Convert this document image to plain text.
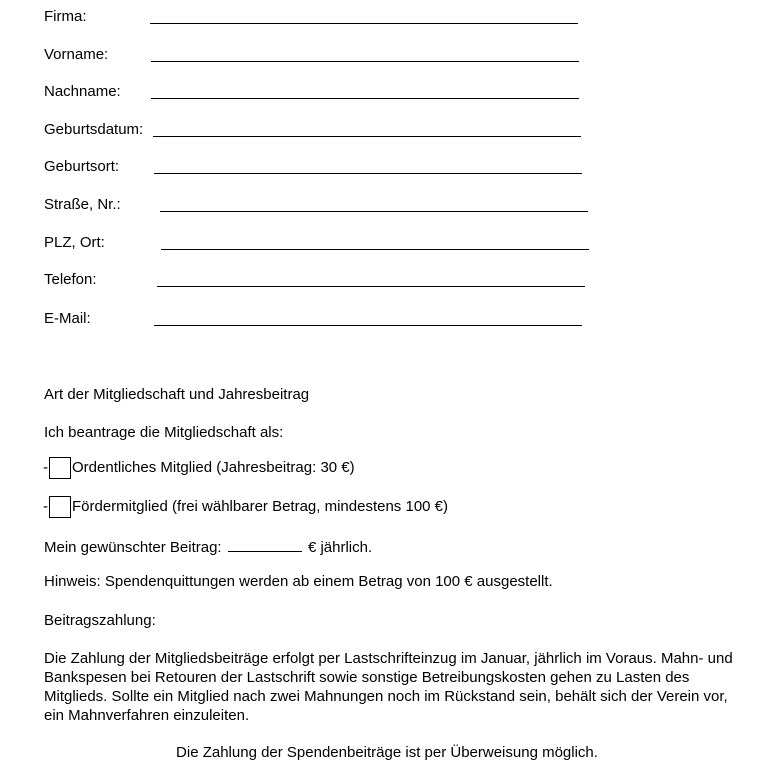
Firma:
Vorname:
Nachname:
Geburtsdatum:
Geburtsort:
Straße, Nr.:
PLZ, Ort:
Telefon:
E-Mail:
Art der Mitgliedschaft und Jahresbeitrag
Ich beantrage die Mitgliedschaft als:
- Ordentliches Mitglied (Jahresbeitrag: 30 €)
- Fördermitglied (frei wählbarer Betrag, mindestens 100 €)
Mein gewünschter Beitrag:	€ jährlich.
Hinweis: Spendenquittungen werden ab einem Betrag von 100 € ausgestellt.
Beitragszahlung:
Die Zahlung der Mitgliedsbeiträge erfolgt per Lastschrifteinzug im Januar, jährlich im Voraus. Mahn- und Bankspesen bei Retouren der Lastschrift sowie sonstige Betreibungskosten gehen zu Lasten des Mitglieds. Sollte ein Mitglied nach zwei Mahnungen noch im Rückstand sein, behält sich der Verein vor, ein Mahnverfahren einzuleiten.
Die Zahlung der Spendenbeiträge ist per Überweisung möglich.
